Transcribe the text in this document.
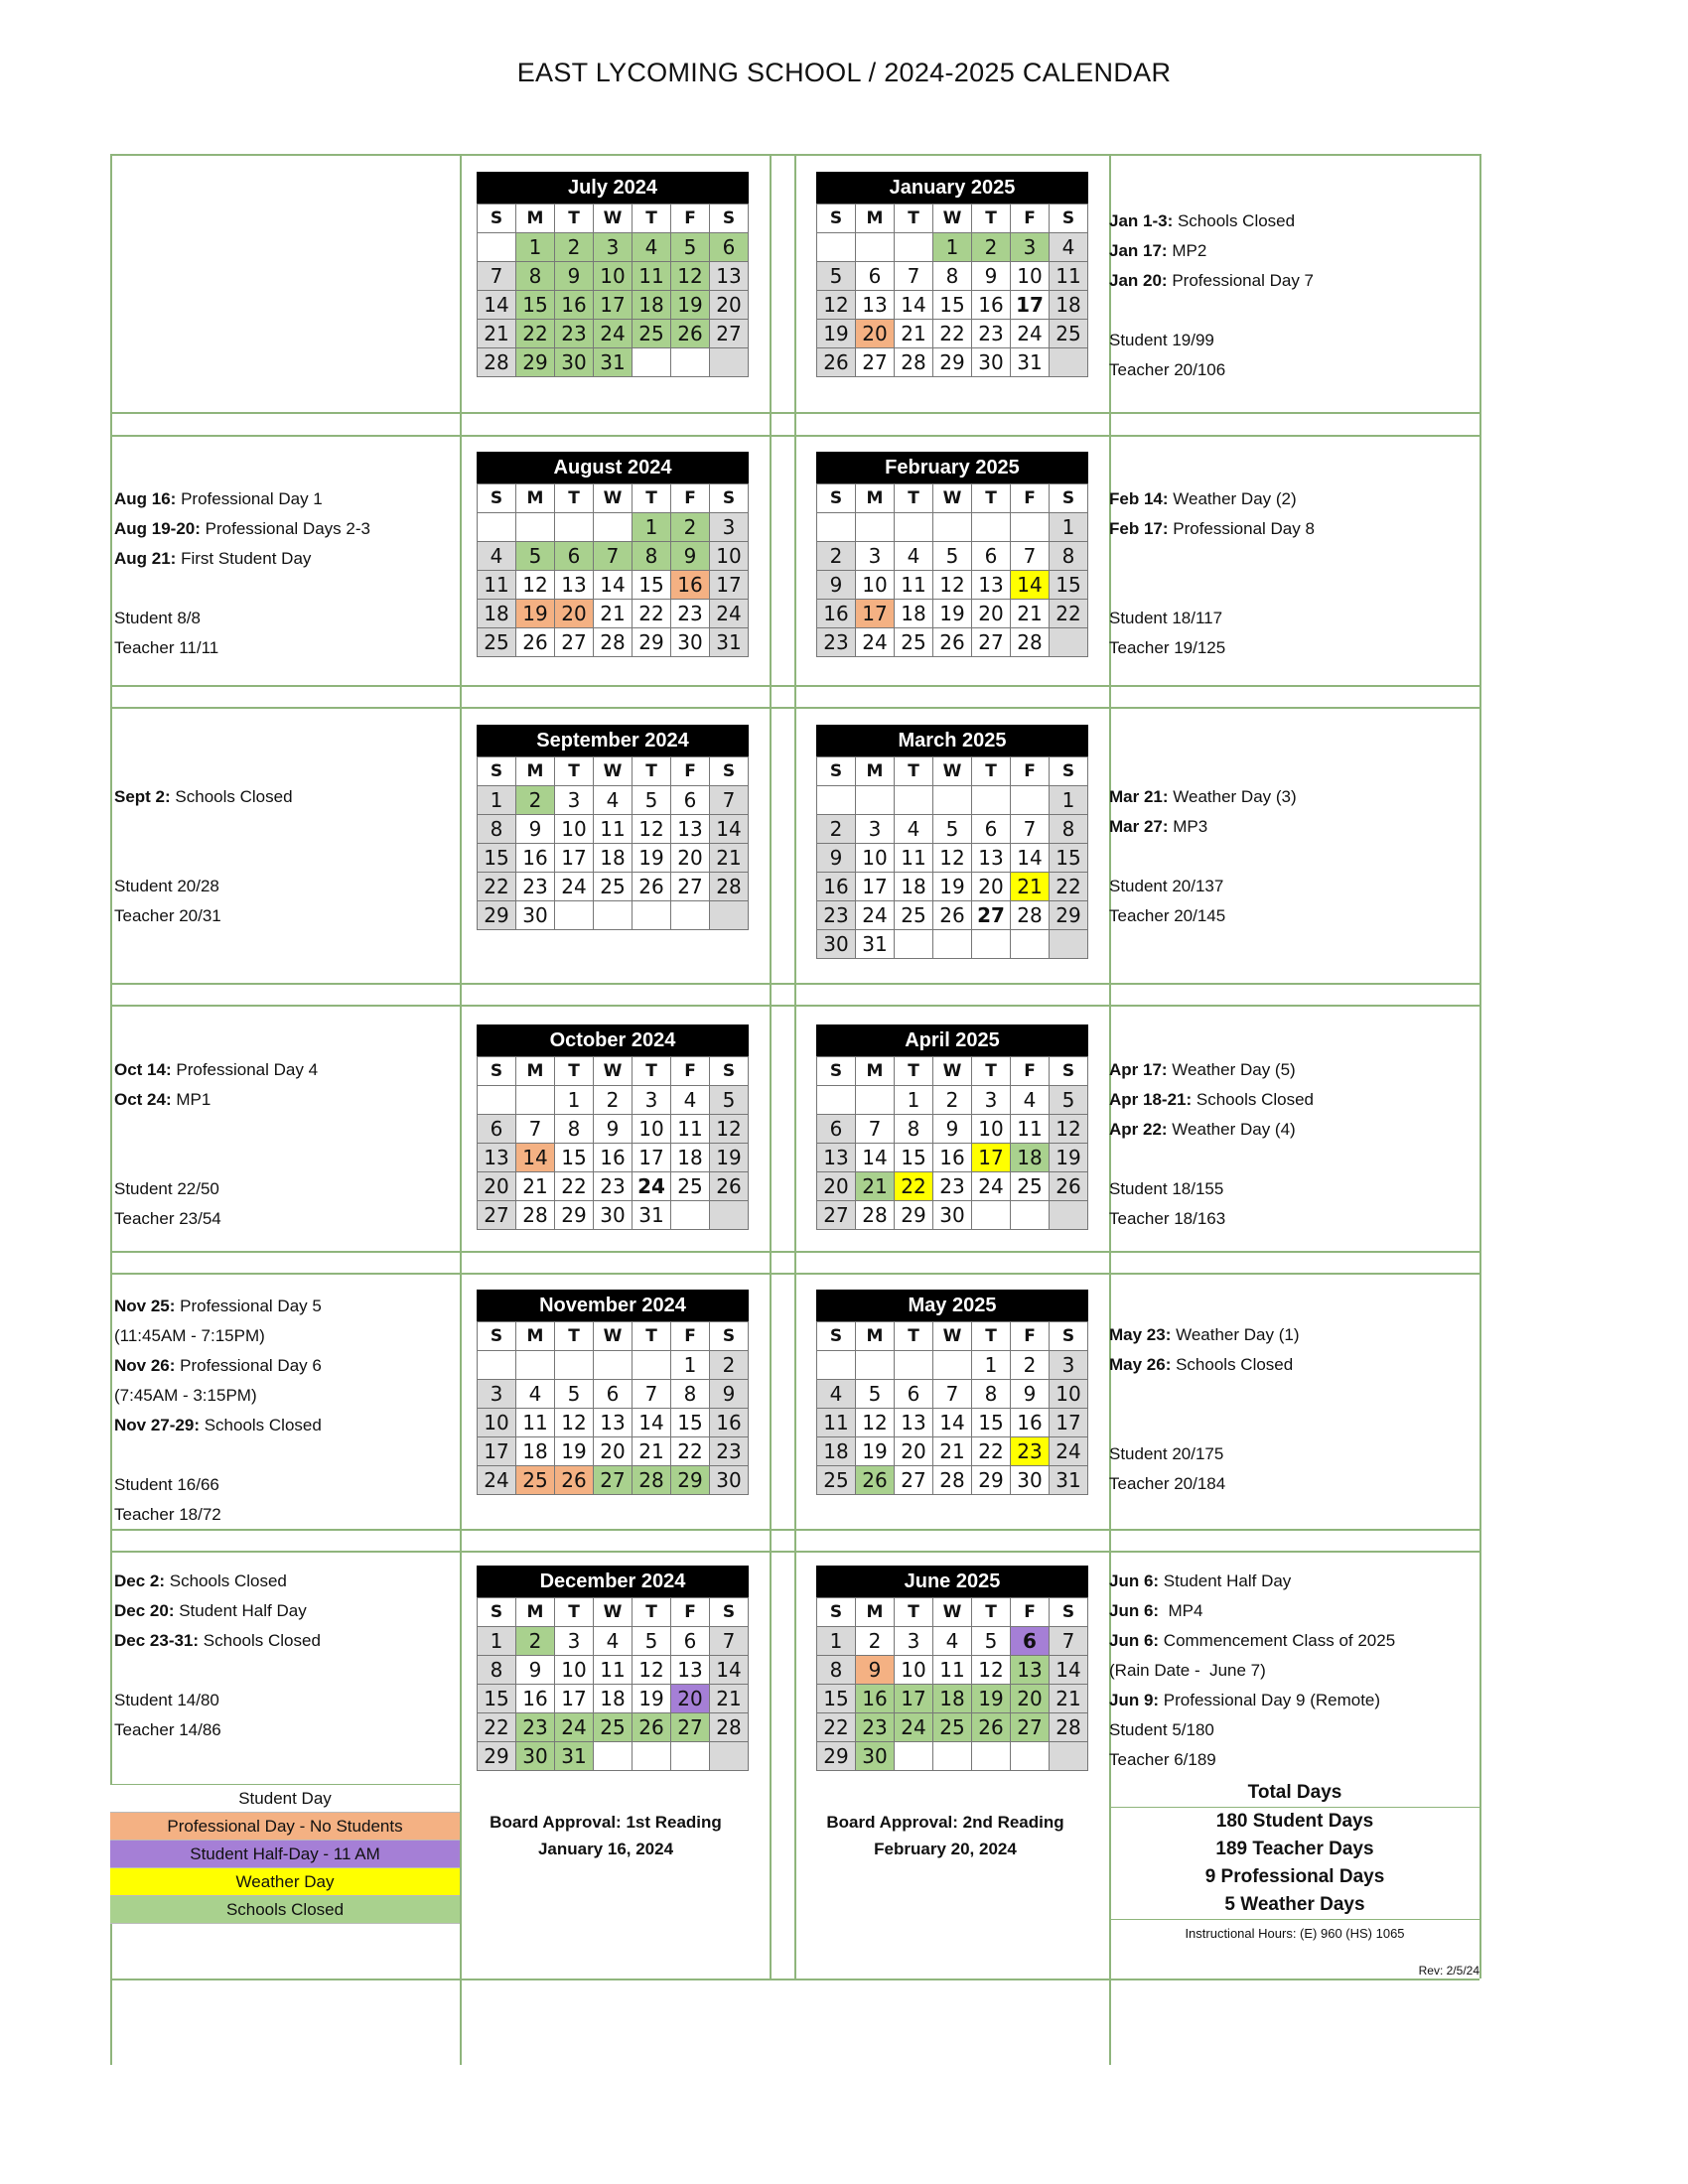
EAST LYCOMING SCHOOL / 2024-2025 CALENDAR
July 2024
S	M	T	W	T	F	S
	1	2	3	4	5	6
7	8	9	10	11	12	13
14	15	16	17	18	19	20
21	22	23	24	25	26	27
28	29	30	31			
August 2024
S	M	T	W	T	F	S
				1	2	3
4	5	6	7	8	9	10
11	12	13	14	15	16	17
18	19	20	21	22	23	24
25	26	27	28	29	30	31
September 2024
S	M	T	W	T	F	S
1	2	3	4	5	6	7
8	9	10	11	12	13	14
15	16	17	18	19	20	21
22	23	24	25	26	27	28
29	30					
October 2024
S	M	T	W	T	F	S
		1	2	3	4	5
6	7	8	9	10	11	12
13	14	15	16	17	18	19
20	21	22	23	24	25	26
27	28	29	30	31		
November 2024
S	M	T	W	T	F	S
					1	2
3	4	5	6	7	8	9
10	11	12	13	14	15	16
17	18	19	20	21	22	23
24	25	26	27	28	29	30
December 2024
S	M	T	W	T	F	S
1	2	3	4	5	6	7
8	9	10	11	12	13	14
15	16	17	18	19	20	21
22	23	24	25	26	27	28
29	30	31				
January 2025
S	M	T	W	T	F	S
			1	2	3	4
5	6	7	8	9	10	11
12	13	14	15	16	17	18
19	20	21	22	23	24	25
26	27	28	29	30	31	
February 2025
S	M	T	W	T	F	S
						1
2	3	4	5	6	7	8
9	10	11	12	13	14	15
16	17	18	19	20	21	22
23	24	25	26	27	28	
March 2025
S	M	T	W	T	F	S
						1
2	3	4	5	6	7	8
9	10	11	12	13	14	15
16	17	18	19	20	21	22
23	24	25	26	27	28	29
30	31					
April 2025
S	M	T	W	T	F	S
		1	2	3	4	5
6	7	8	9	10	11	12
13	14	15	16	17	18	19
20	21	22	23	24	25	26
27	28	29	30			
May 2025
S	M	T	W	T	F	S
				1	2	3
4	5	6	7	8	9	10
11	12	13	14	15	16	17
18	19	20	21	22	23	24
25	26	27	28	29	30	31
June 2025
S	M	T	W	T	F	S
1	2	3	4	5	6	7
8	9	10	11	12	13	14
15	16	17	18	19	20	21
22	23	24	25	26	27	28
29	30					
Aug 16: Professional Day 1
Aug 19-20: Professional Days 2-3
Aug 21: First Student Day
Student 8/8
Teacher 11/11
Sept 2: Schools Closed
Student 20/28
Teacher 20/31
Oct 14: Professional Day 4
Oct 24: MP1
Student 22/50
Teacher 23/54
Nov 25: Professional Day 5
(11:45AM - 7:15PM)
Nov 26: Professional Day 6
(7:45AM - 3:15PM)
Nov 27-29: Schools Closed
Student 16/66
Teacher 18/72
Dec 2: Schools Closed
Dec 20: Student Half Day
Dec 23-31: Schools Closed
Student 14/80
Teacher 14/86
Jan 1-3: Schools Closed
Jan 17: MP2
Jan 20: Professional Day 7
Student 19/99
Teacher 20/106
Feb 14: Weather Day (2)
Feb 17: Professional Day 8
Student 18/117
Teacher 19/125
Mar 21: Weather Day (3)
Mar 27: MP3
Student 20/137
Teacher 20/145
Apr 17: Weather Day (5)
Apr 18-21: Schools Closed
Apr 22: Weather Day (4)
Student 18/155
Teacher 18/163
May 23: Weather Day (1)
May 26: Schools Closed
Student 20/175
Teacher 20/184
Jun 6: Student Half Day
Jun 6:  MP4
Jun 6: Commencement Class of 2025
(Rain Date -  June 7)
Jun 9: Professional Day 9 (Remote)
Student 5/180
Teacher 6/189
Student Day
Professional Day - No Students
Student Half-Day - 11 AM
Weather Day
Schools Closed
Board Approval: 1st Reading
January 16, 2024
Board Approval: 2nd Reading
February 20, 2024
Total Days
180 Student Days
189 Teacher Days
9 Professional Days
5 Weather Days
Instructional Hours: (E) 960 (HS) 1065
Rev: 2/5/24
